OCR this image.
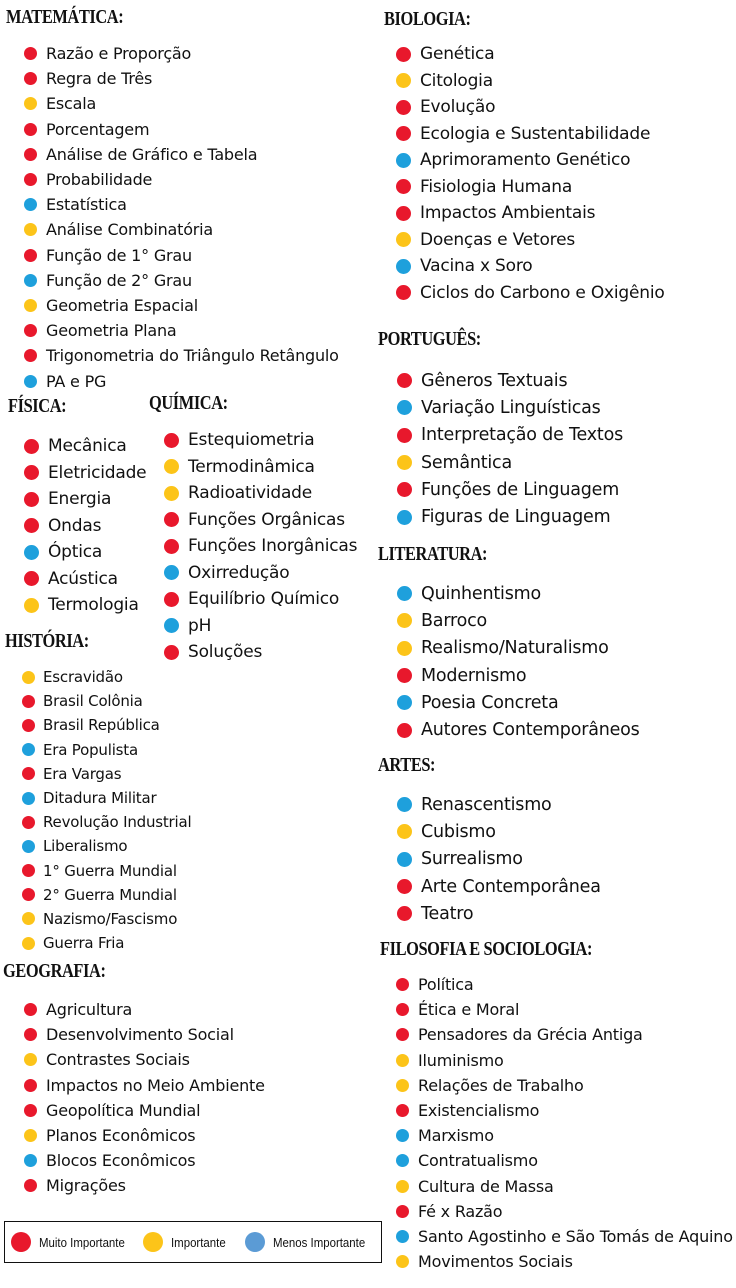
MATEMÁTICA:
Razão e Proporção
Regra de Três
Escala
Porcentagem
Análise de Gráfico e Tabela
Probabilidade
Estatística
Análise Combinatória
Função de 1° Grau
Função de 2° Grau
Geometria Espacial
Geometria Plana
Trigonometria do Triângulo Retângulo
PA e PG
FÍSICA:
Mecânica
Eletricidade
Energia
Ondas
Óptica
Acústica
Termologia
QUÍMICA:
Estequiometria
Termodinâmica
Radioatividade
Funções Orgânicas
Funções Inorgânicas
Oxirredução
Equilíbrio Químico
pH
Soluções
HISTÓRIA:
Escravidão
Brasil Colônia
Brasil República
Era Populista
Era Vargas
Ditadura Militar
Revolução Industrial
Liberalismo
1° Guerra Mundial
2° Guerra Mundial
Nazismo/Fascismo
Guerra Fria
GEOGRAFIA:
Agricultura
Desenvolvimento Social
Contrastes Sociais
Impactos no Meio Ambiente
Geopolítica Mundial
Planos Econômicos
Blocos Econômicos
Migrações
BIOLOGIA:
Genética
Citologia
Evolução
Ecologia e Sustentabilidade
Aprimoramento Genético
Fisiologia Humana
Impactos Ambientais
Doenças e Vetores
Vacina x Soro
Ciclos do Carbono e Oxigênio
PORTUGUÊS:
Gêneros Textuais
Variação Linguísticas
Interpretação de Textos
Semântica
Funções de Linguagem
Figuras de Linguagem
LITERATURA:
Quinhentismo
Barroco
Realismo/Naturalismo
Modernismo
Poesia Concreta
Autores Contemporâneos
ARTES:
Renascentismo
Cubismo
Surrealismo
Arte Contemporânea
Teatro
FILOSOFIA E SOCIOLOGIA:
Política
Ética e Moral
Pensadores da Grécia Antiga
Iluminismo
Relações de Trabalho
Existencialismo
Marxismo
Contratualismo
Cultura de Massa
Fé x Razão
Santo Agostinho e São Tomás de Aquino
Movimentos Sociais
Muito Importante	Importante	Menos Importante
